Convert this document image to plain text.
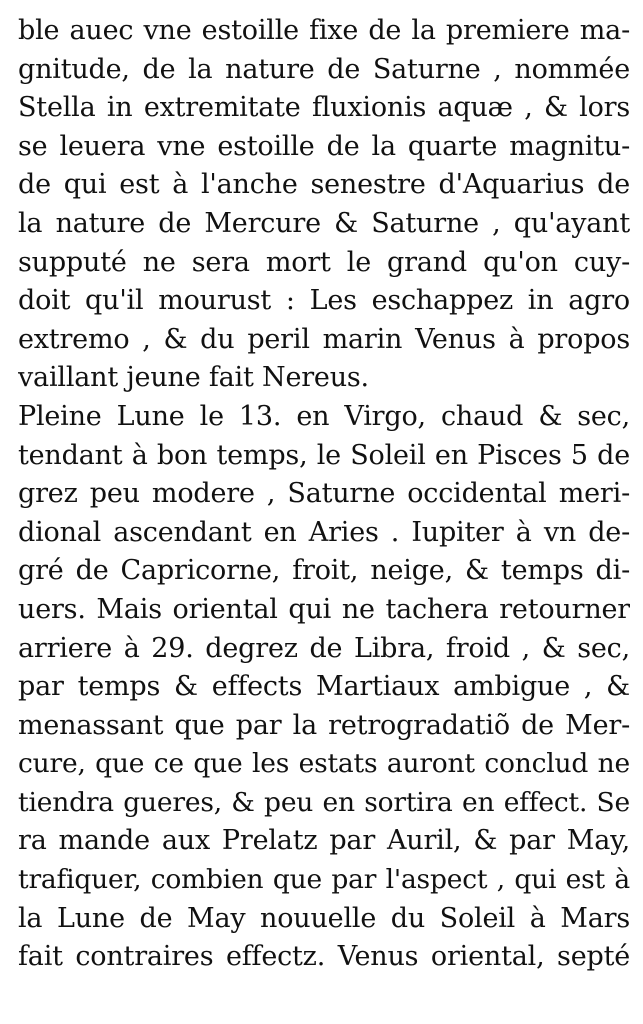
ble auec vne estoille fixe de la premiere ma-
gnitude, de la nature de Saturne , nommée
Stella in extremitate fluxionis aquæ , & lors
se leuera vne estoille de la quarte magnitu-
de qui est à l'anche senestre d'Aquarius de
la nature de Mercure & Saturne , qu'ayant
supputé ne sera mort le grand qu'on cuy-
doit qu'il mourust : Les eschappez in agro
extremo , & du peril marin Venus à propos
vaillant jeune fait Nereus.
Pleine Lune le 13. en Virgo, chaud & sec,
tendant à bon temps, le Soleil en Pisces 5 de
grez peu modere , Saturne occidental meri-
dional ascendant en Aries . Iupiter à vn de-
gré de Capricorne, froit, neige, & temps di-
uers. Mais oriental qui ne tachera retourner
arriere à 29. degrez de Libra, froid , & sec,
par temps & effects Martiaux ambigue , &
menassant que par la retrogradatiõ de Mer-
cure, que ce que les estats auront conclud ne
tiendra gueres, & peu en sortira en effect. Se
ra mande aux Prelatz par Auril, & par May,
trafiquer, combien que par l'aspect , qui est à
la Lune de May nouuelle du Soleil à Mars
fait contraires effectz. Venus oriental, septé
